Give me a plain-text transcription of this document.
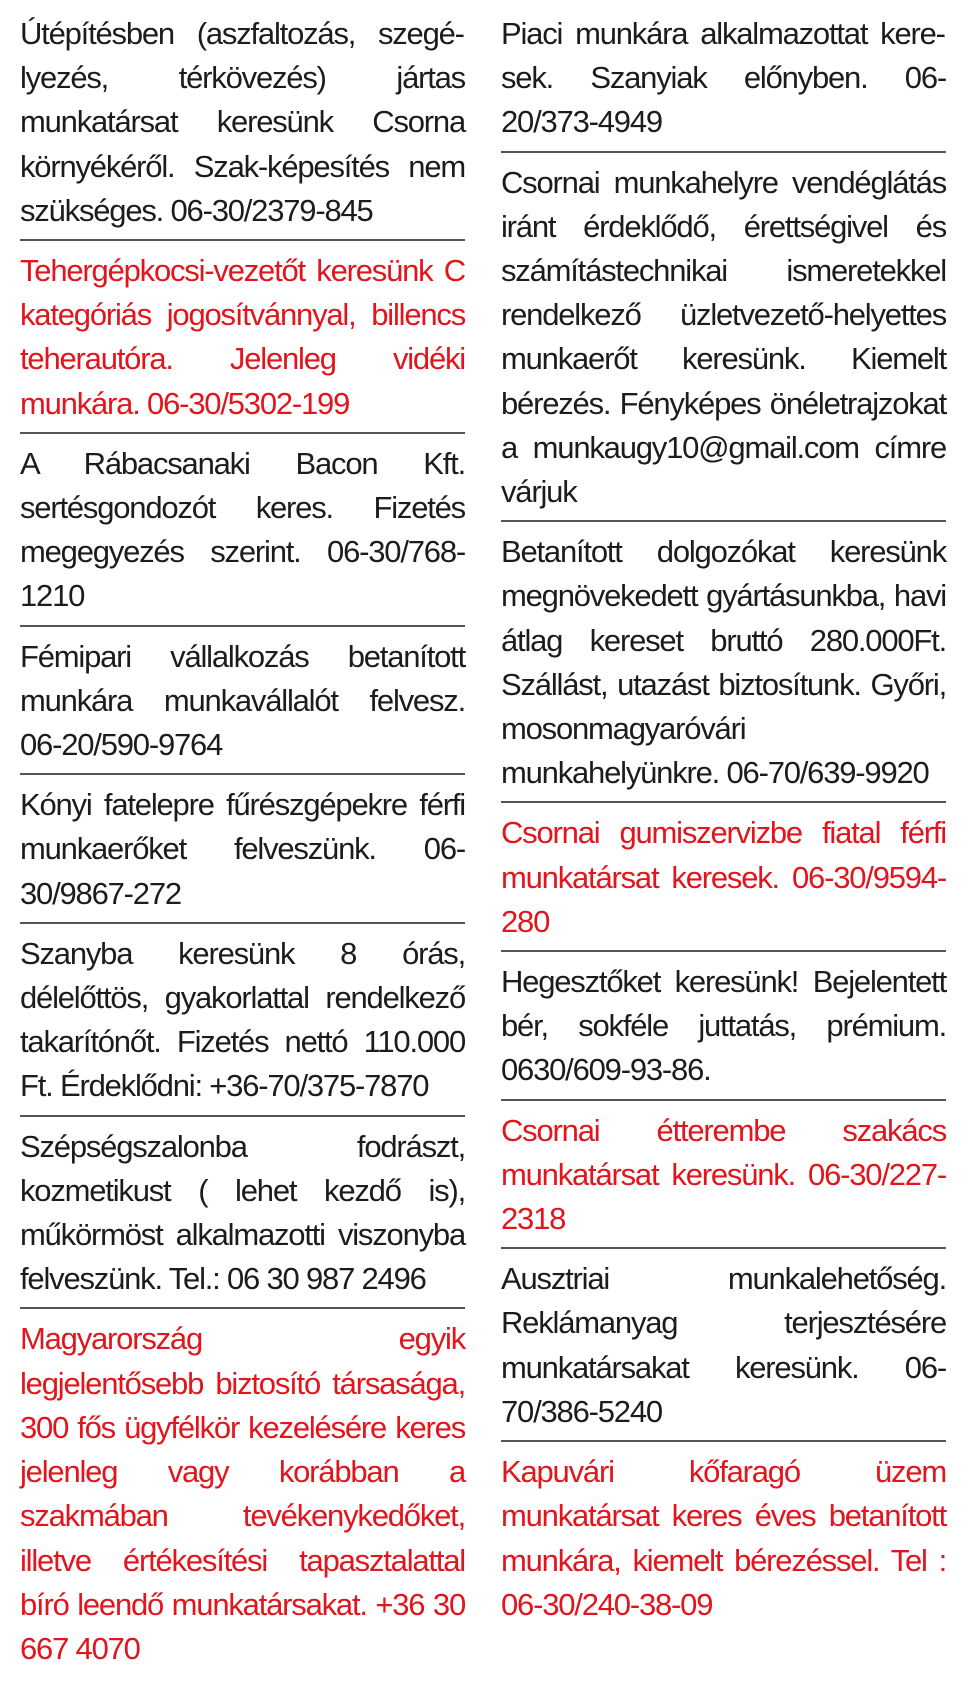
Útépítésben (aszfaltozás, szegélyezés, térkövezés) jártas munkatársat keresünk Csorna környékéről. Szak-képesítés nem szükséges. 06-30/2379-845
Tehergépkocsi-vezetőt keresünk C kategóriás jogosítvánnyal, billencs teherautóra. Jelenleg vidéki munkára. 06-30/5302-199
A Rábacsanaki Bacon Kft. sertésgondozót keres. Fizetés megegyezés szerint. 06-30/768-1210
Fémipari vállalkozás betanított munkára munkavállalót felvesz. 06-20/590-9764
Kónyi fatelepre fűrészgépekre férfi munkaerőket felveszünk. 06-30/9867-272
Szanyba keresünk 8 órás, délelőttös, gyakorlattal rendelkező takarítónőt. Fizetés nettó 110.000 Ft. Érdeklődni: +36-70/375-7870
Szépségszalonba fodrászt, kozmetikust ( lehet kezdő is), műkörmöst alkalmazotti viszonyba felveszünk. Tel.: 06 30 987 2496
Magyarország egyik legjelentősebb biztosító társasága, 300 fős ügyfélkör kezelésére keres jelenleg vagy korábban a szakmában tevékenykedőket, illetve értékesítési tapasztalattal bíró leendő munkatársakat. +36 30 667 4070
Piaci munkára alkalmazottat keresek. Szanyiak előnyben. 06-20/373-4949
Csornai munkahelyre vendéglátás iránt érdeklődő, érettségivel és számítástechnikai ismeretekkel rendelkező üzletvezető-helyettes munkaerőt keresünk. Kiemelt bérezés. Fényképes önéletrajzokat a munkaugy10@gmail.com címre várjuk
Betanított dolgozókat keresünk megnövekedett gyártásunkba, havi átlag kereset bruttó 280.000Ft. Szállást, utazást biztosítunk. Győri, mosonmagyaróvári munkahelyünkre. 06-70/639-9920
Csornai gumiszervizbe fiatal férfi munkatársat keresek. 06-30/9594-280
Hegesztőket keresünk! Bejelentett bér, sokféle juttatás, prémium. 0630/609-93-86.
Csornai étterembe szakács munkatársat keresünk. 06-30/227-2318
Ausztriai munkalehetőség. Reklámanyag terjesztésére munkatársakat keresünk. 06-70/386-5240
Kapuvári kőfaragó üzem munkatársat keres éves betanított munkára, kiemelt bérezéssel. Tel : 06-30/240-38-09
